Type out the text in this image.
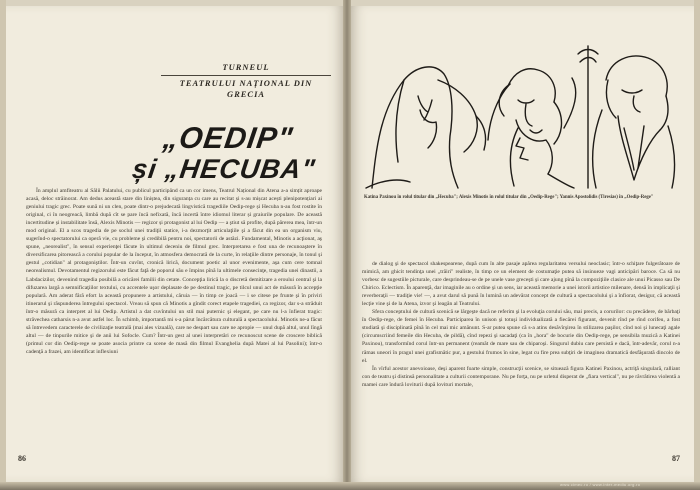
TURNEUL
TEATRULUI NAȚIONAL DIN GRECIA
„OEDIP"
și „HECUBA"
În amplul amfiteatru al Sălii Palatului, cu publicul participând ca un cor imens, Teatrul Național din Atena a-a simțit aproape acasă, deloc străinorat. Am dedus această stare din liniștea, din siguranța cu care au recitat și s-au mișcat acești plenipotențiari ai geniului tragic grec. Poate sună ni un clen, poate dintr-o prejudecată lingvistică tragediile Oedip-rege și Hecuba n-au fost rostite în original, ci în neogreacă, limbă după cît se pare încă nefixată, încă incertă între idiomul literar și graiurile populare. De această incertitudine și instabilitate însă, Alexis Minotis — regizor și protagonist al lui Oedip — a ştiut să profite, după părerea mea, într-un mod original. El a scos tragedia de pe soclul unei tradiţii statice, i-a dezmorţit articulaţiile şi a făcut din ea un organism viu, sugerînd-o spectatorului ca operă vie, cu probleme şi credibilă pentru noi, spectatorii de astăzi. Fundamental, Minotis a acţionat, aş spune, „neorealist", în sensul experienţei făcute în ultimul deceniu de filmul grec. Interpretarea e fost una de recunoaştere în diversificarea pitorească a corului popular de la început, în atmosfera democrată de la curte, în relaţiile dintre personaje, în tonul şi gestul „cotidian" al protagoniştilor. Într-un cuvînt, cronică lirică, document poetic al unor evenimente, aşa cum cere tomnal neorealismul. Devotamentul regizorului este făcut faţă de poporul său e împins pînă la ultimele consecinţe, tragedia unei dinastii, a Labdacizilor, devenind tragedia posibilă a oricărei familii din cetate. Concepţia lirică la o discretă demitizare a eroului central şi la difuzarea largă a semnificaţiilor textului, cu accentele uşor deplasate de pe destinul tragic, pe tilcul unui act de măsură în accepţie populară. Am aderat fără efort la această propunere a artistului, căruia — în timp ce joacă — i se citese pe frunte şi în priviri itinerarul şi răspunderea întregului spectacol. Vreau să spun că Minotis a gîndit corect etapele tragediei, ca regizor, dar s-a străduit într-o măsură ca interpret al lui Oedip. Artistul a dat cuvîntului un stil mai puternic şi elegant, pe care nu l-a înfierat tragic: străvechea catharsis n-a avut astfel loc. În schimb, importantă mi s-a părut încărcătura culturală a spectacolului. Minotis ne-a făcut să întrevedem caracterele de civilizaţie teatrală (mai ales vizuală), care ne despart sau care ne apropie — unul după altul, unul lîngă altul — de tinpurile mitice şi de anii lui Sofocle. Cum? Într-un gest al unei interpretări ce recunoscut scene de croscere biblică (primul cor din Oedip-rege se poate asocia printre ca scene de masă din filmul Evanghelia după Matei al lui Pasolini); într-o cadenţă a frazei, am identificat inflexiuni
86
Katina Paxinou în rolul titular din „Hecuba"; Alexis Minotis în rolul titular din „Oedip-Rege"; Yannis Apostolidis (Tiresias) în „Oedip-Rege"

de dialog şi de spectacol shakespearene, după cum în alte pasaje apărea regularitatea versului neoclasic; într-o schiţare fulgerătoare de mimică, am ghicit tendinţa unei „trăiri" realiste, în timp ce un element de costumaţie putea să insinueze vagi anticipări baroce. Ca să nu vorbesc de sugestiile picturale, care desprindeau-se de pe unele vase greceşti şi care ajung pînă la compoziţiile clasice ale unui Picasso sau De Chirico. Eclectism. În aparenţă, dar imaginile au o ordine şi un sens, iar această memorie a unei istorii artistice milenare, densă în implicaţii şi reverberaţii — tradiţie vie! —, a avut darul să pună în lumină un adevărat concept de cultură a spectacolului şi a înfiorat, desigur, că această lecţie vine şi de la Atena, izvor şi leagăn al Teatrului.

Sfera conceptului de cultură scenică se lărgeşte dacă ne referim şi la evoluţia corului său, mai precis, a corurilor: cu precădere, de bărbaţi în Oedip-rege, de femei în Hecuba. Participarea în unison şi totuşi individualizată a fiecărei figurant, devenit rînd pe rînd corifeu, a fost studiată şi disciplinată pînă în cel mai mic amănunt. S-ar putea spune că s-a atins desăvîrşirea în stilizarea paşilor, cînd noi şi lunecaţi agale (circumscriind femeile din Hecuba, de pildă), cînd repezi şi sacadaţi (ca în „hora" de bocurie din Oedip-rege, pe sensibila muzică a Katinei Paxinou), transformînd corul într-un permanent (reamăt de mare sau de chiparoşi. Singurul dubiu care persistă e dacă, într-adevăr, corul n-a rămas uneori în pragul unei grafismătic pur, a gestului frumos în sine, legat cu fire prea subţiri de imaginea dramatică desfăşurată dincolo de el.

În vîrful acestor anevoioase, deşi aparent foarte simple, construcţii scenice, se situează figura Katinei Paxinou, actriţă singulară, ralliant con de teatru şi distinsă personalitate a culturii contemporane. Nu pe forţa, nu pe urletul disperat de „fiara vertical", nu pe răvrătirea violentă a mamei care îndură loviturii după lovituri mortale,

87
www.cimec.ro / www.inter-mediu.org.ro
